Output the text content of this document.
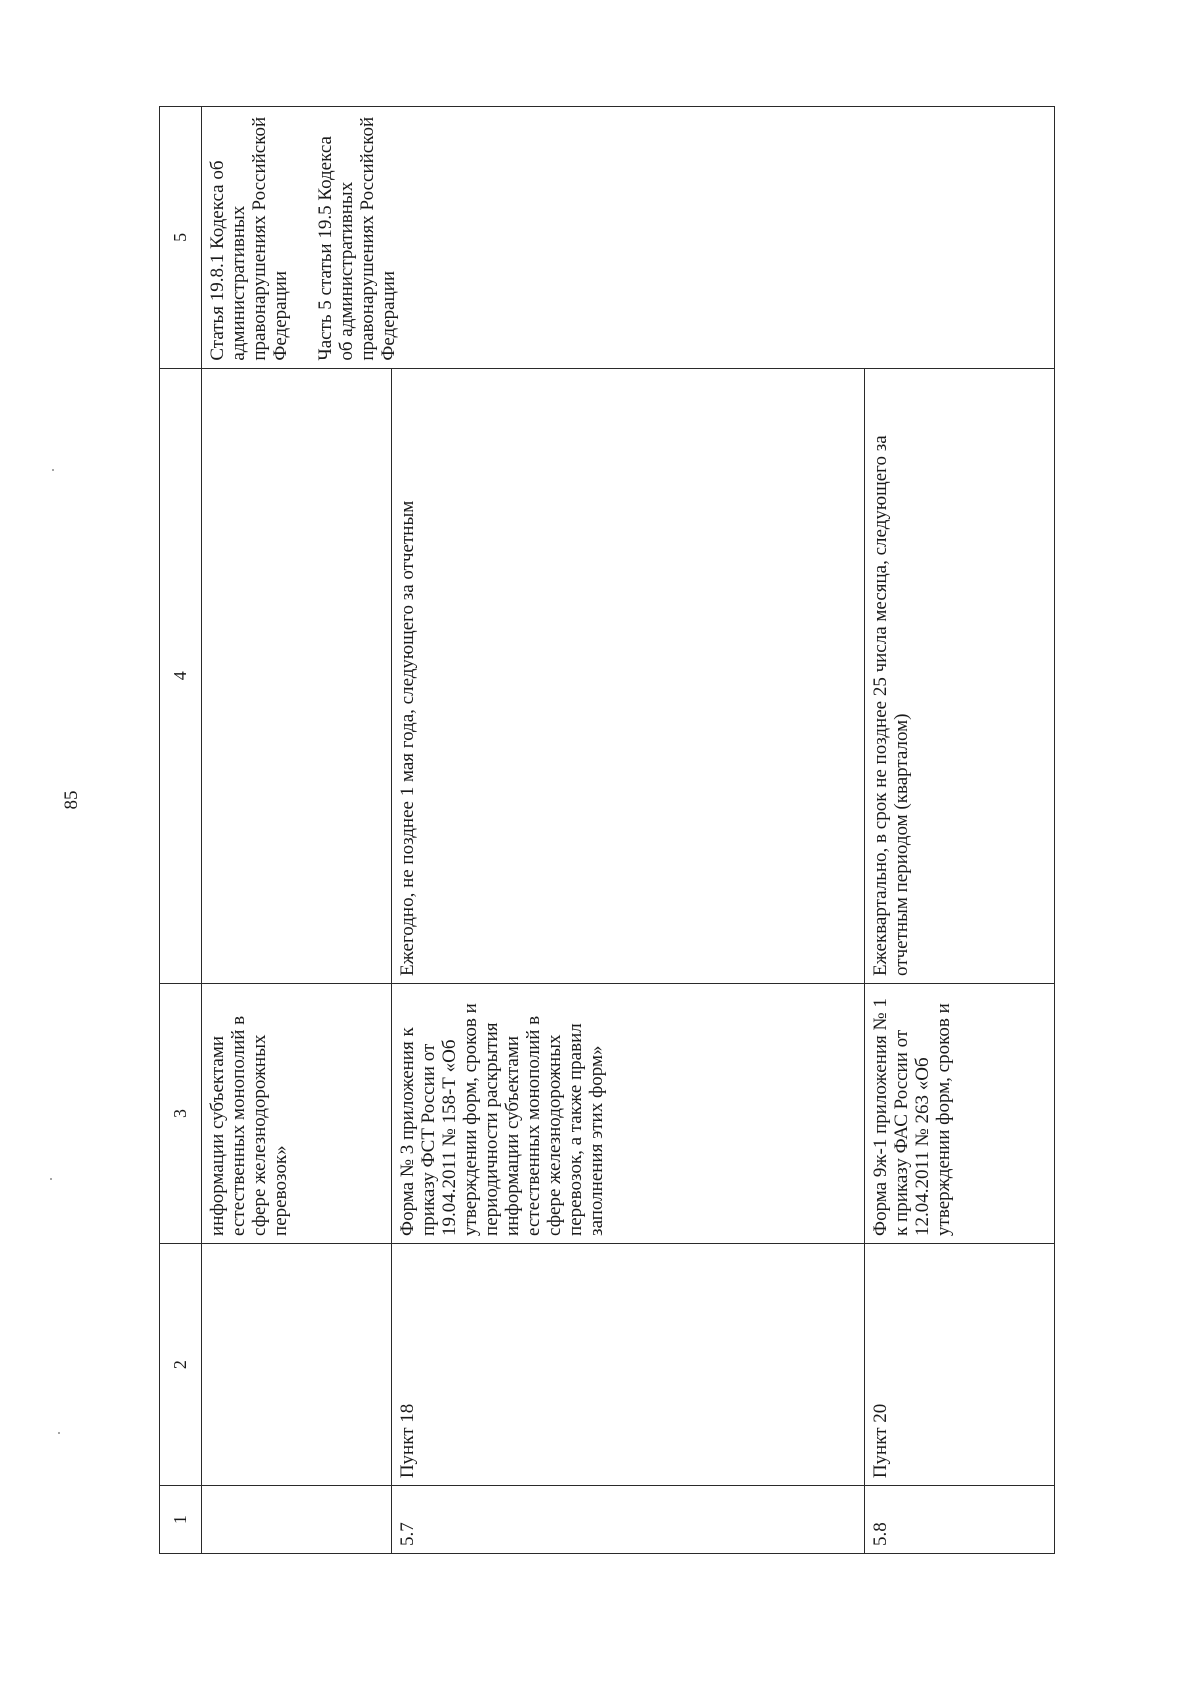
85
1	2	3	4	5
		информации субъектами естественных монополий в сфере железнодорожных перевозок»		Статья 19.8.1 Кодекса об административных правонарушениях Российской Федерации Часть 5 статьи 19.5 Кодекса об административных правонарушениях Российской Федерации

5.7	Пункт 18	Форма № 3 приложения к приказу ФСТ России от 19.04.2011 № 158-Т «Об утверждении форм, сроков и периодичности раскрытия информации субъектами естественных монополий в сфере железнодорожных перевозок, а также правил заполнения этих форм»	Ежегодно, не позднее 1 мая года, следующего за отчетным	
5.8	Пункт 20	Форма 9ж-1 приложения № 1 к приказу ФАС России от 12.04.2011 № 263 «Об утверждении форм, сроков и	Ежеквартально, в срок не позднее 25 числа месяца, следующего за отчетным периодом (кварталом)	
